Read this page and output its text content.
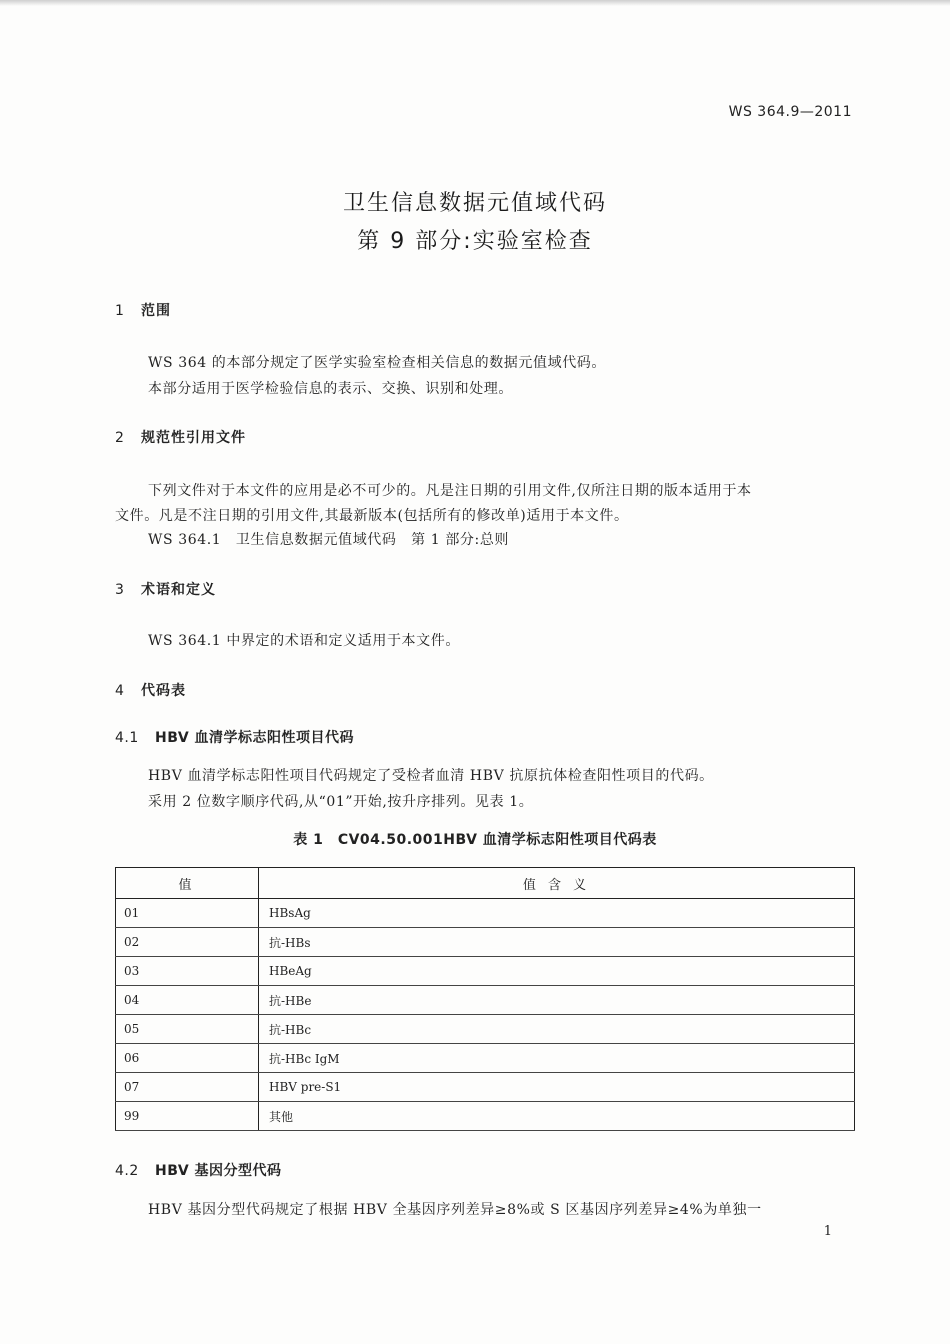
WS 364.9—2011
卫生信息数据元值域代码
第 9 部分:实验室检查
1 范围
WS 364 的本部分规定了医学实验室检查相关信息的数据元值域代码。
本部分适用于医学检验信息的表示、交换、识别和处理。
2 规范性引用文件
下列文件对于本文件的应用是必不可少的。凡是注日期的引用文件,仅所注日期的版本适用于本
文件。凡是不注日期的引用文件,其最新版本(包括所有的修改单)适用于本文件。
WS 364.1　卫生信息数据元值域代码　第 1 部分:总则
3 术语和定义
WS 364.1 中界定的术语和定义适用于本文件。
4 代码表
4.1 HBV 血清学标志阳性项目代码
HBV 血清学标志阳性项目代码规定了受检者血清 HBV 抗原抗体检查阳性项目的代码。
采用 2 位数字顺序代码,从“01”开始,按升序排列。见表 1。
表 1　CV04.50.001HBV 血清学标志阳性项目代码表
值	值 含 义
01	HBsAg
02	抗-HBs
03	HBeAg
04	抗-HBe
05	抗-HBc
06	抗-HBc IgM
07	HBV pre-S1
99	其他
4.2 HBV 基因分型代码
HBV 基因分型代码规定了根据 HBV 全基因序列差异≥8%或 S 区基因序列差异≥4%为单独一
1
